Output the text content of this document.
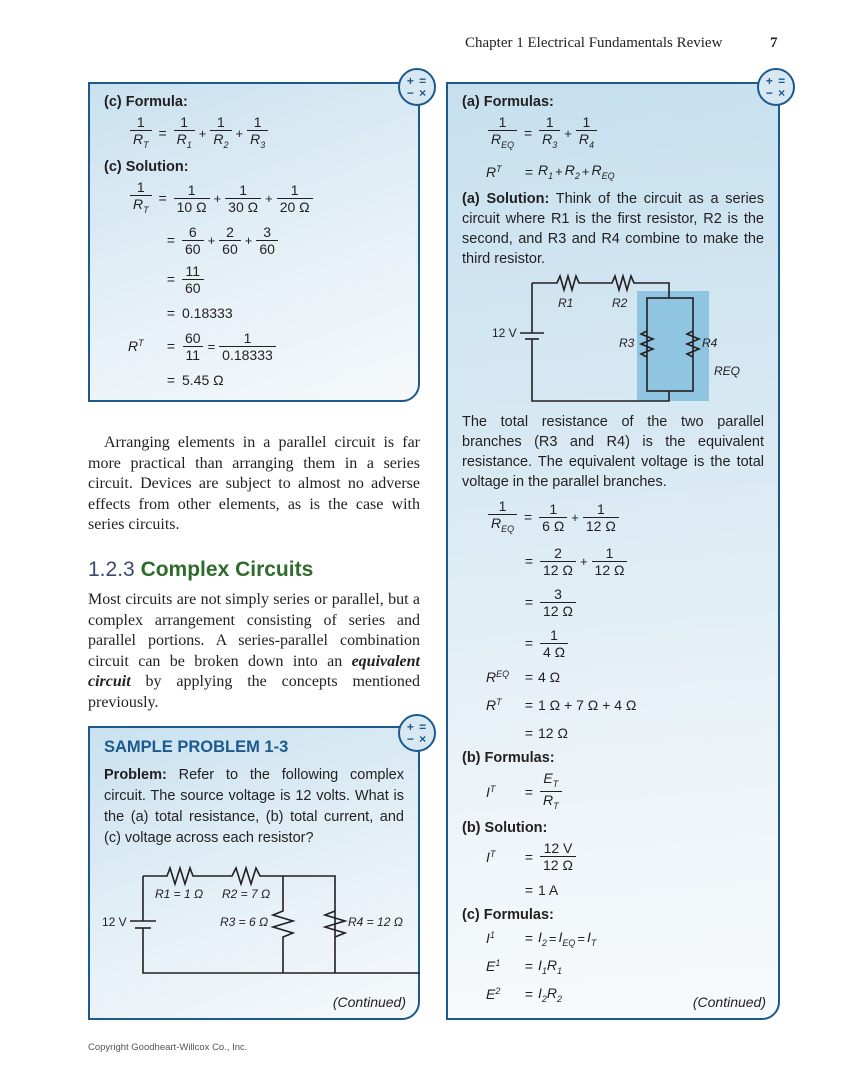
Chapter 1 Electrical Fundamentals Review	7
(c) Formula:
$\frac{1}{R_T} = \frac{1}{R_1} + \frac{1}{R_2} + \frac{1}{R_3}$
(c) Solution:
$\frac{1}{R_T} = \frac{1}{10 \Omega} + \frac{1}{30 \Omega} + \frac{1}{20 \Omega}$
= $\frac{6}{60} + \frac{2}{60} + \frac{3}{60}$
= $\frac{11}{60}$
= 0.18333
R T	= $\frac{60}{11} = \frac{1}{0.18333}$
= 5.45 Ω
+ =
− ×
Arranging elements in a parallel circuit is far more practical than arranging them in a series circuit. Devices are subject to almost no adverse effects from other elements, as is the case with series circuits.
1.2.3 Complex Circuits
Most circuits are not simply series or parallel, but a complex arrangement consisting of series and parallel portions. A series-parallel combination circuit can be broken down into an equivalent circuit by applying the concepts mentioned previously.
SAMPLE PROBLEM 1-3
Problem: Refer to the following complex circuit. The source voltage is 12 volts. What is the (a) total resistance, (b) total current, and (c) voltage across each resistor?
12 V
R1 = 1 Ω R2 = 7 Ω
R3 = 6 Ω	R4 = 12 Ω
(Continued)
+ =
− ×
(a) Formulas:
$\frac{1}{R_{EQ}} = \frac{1}{R_3} + \frac{1}{R_4}$
R T	= $R_1 + R_2 + R_{EQ}$
(a) Solution: Think of the circuit as a series circuit where R1 is the first resistor, R2 is the second, and R3 and R4 combine to make the third resistor.
12 V
R1	R2
R3	R4
REQ
The total resistance of the two parallel branches (R3 and R4) is the equivalent resistance. The equivalent voltage is the total voltage in the parallel branches.
$\frac{1}{R_{EQ}} = \frac{1}{6 \Omega} + \frac{1}{12 \Omega}$
= $\frac{2}{12 \Omega} + \frac{1}{12 \Omega}$
= $\frac{3}{12 \Omega}$
= $\frac{1}{4 \Omega}$
R EQ	= 4 Ω
R T	= 1 Ω + 7 Ω + 4 Ω
= 12 Ω
(b) Formulas:
I T	= $\frac{E_T}{R_T}$
(b) Solution:
I T	= $\frac{12 V}{12 \Omega}$
= 1 A
(c) Formulas:
I 1	= $I_2 = I_{EQ} = I_T$
E 1	= $I_1R_1$
E 2	= $I_2R_2$	(Continued)
+ =
− ×
Copyright Goodheart-Willcox Co., Inc.
